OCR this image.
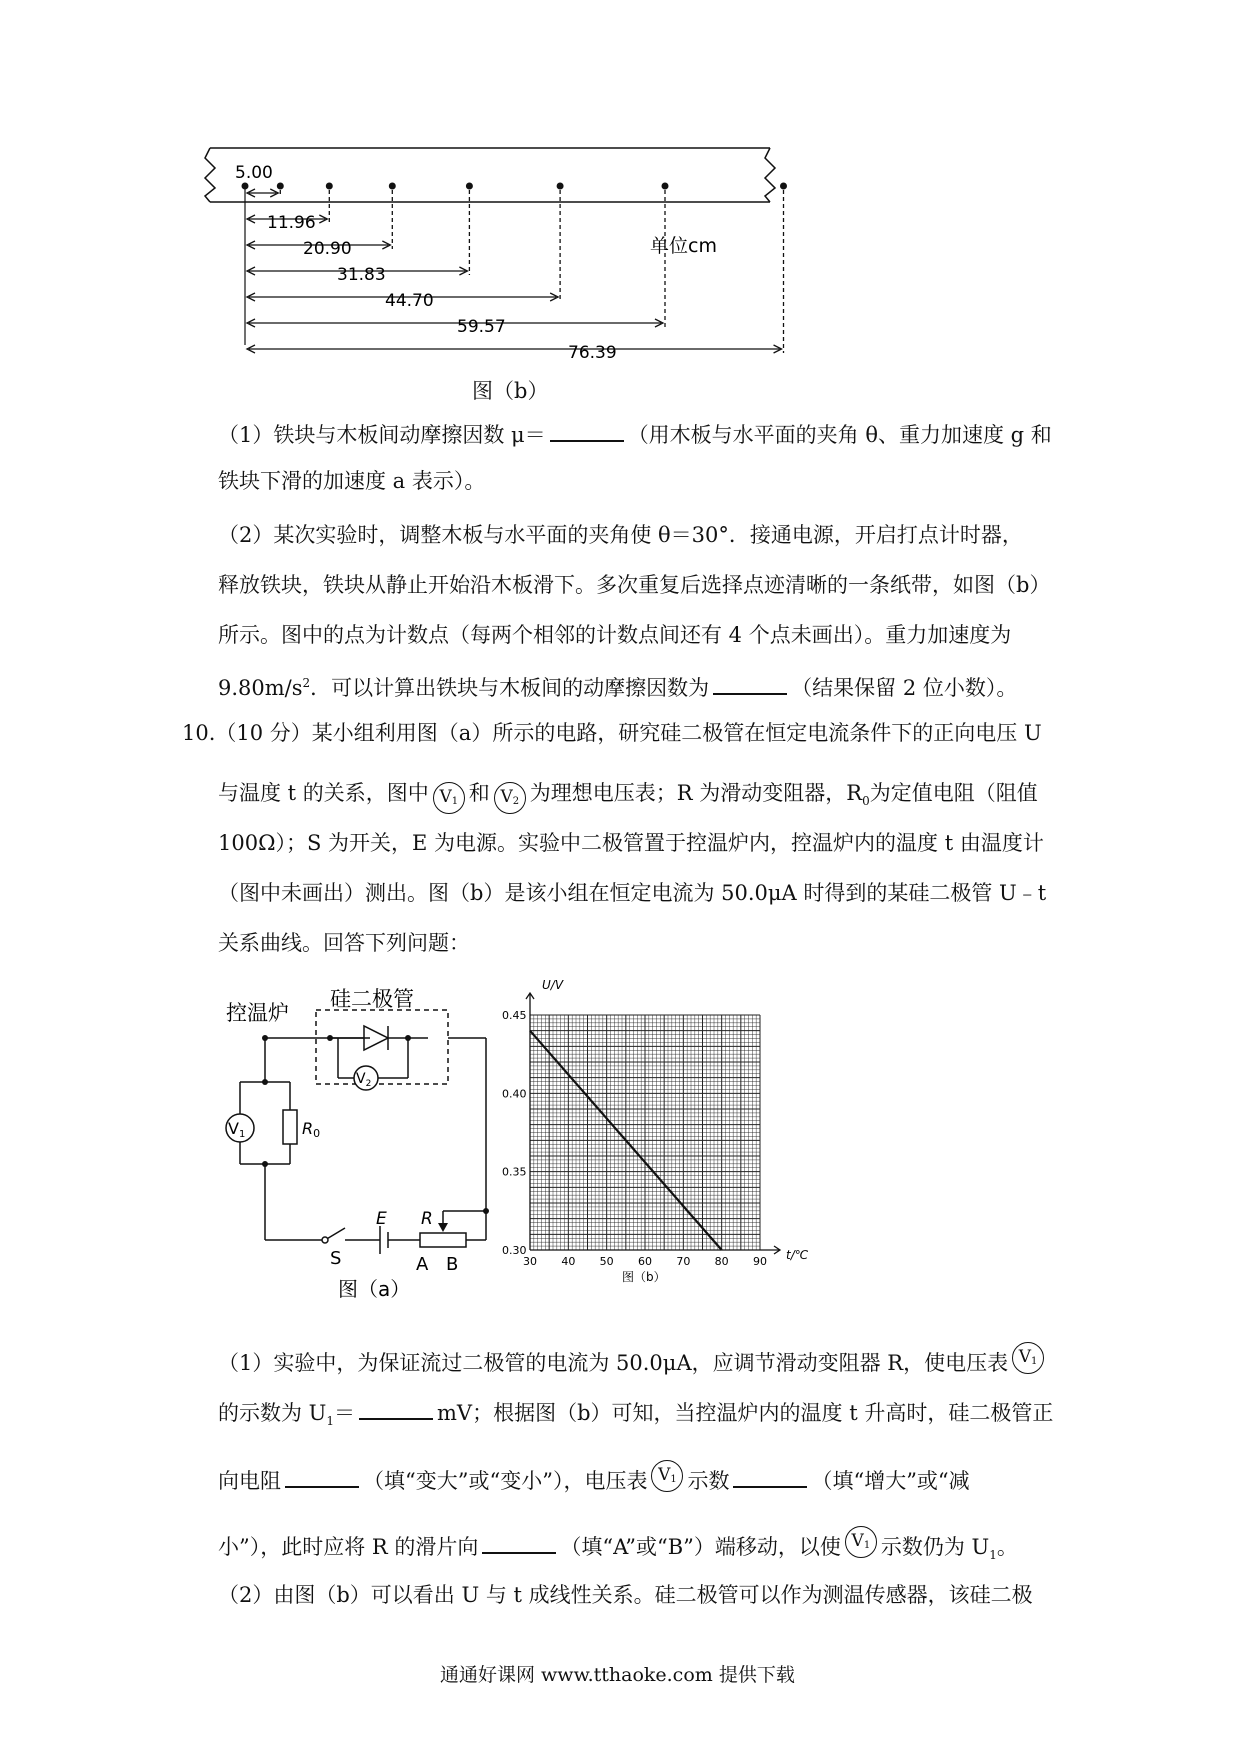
5.00
11.96
20.90
31.83
44.70
59.57
76.39
单位cm
图（b）
（1）铁块与木板间动摩擦因数 μ＝	（用木板与水平面的夹角 θ、重力加速度 g 和
铁块下滑的加速度 a 表示）。
（2）某次实验时，调整木板与水平面的夹角使 θ＝30°．接通电源，开启打点计时器，
释放铁块，铁块从静止开始沿木板滑下。多次重复后选择点迹清晰的一条纸带，如图（b）
所示。图中的点为计数点（每两个相邻的计数点间还有 4 个点未画出）。重力加速度为
$9.80m/s^2$．可以计算出铁块与木板间的动摩擦因数为	（结果保留 2 位小数）。
10.（10 分）某小组利用图（a）所示的电路，研究硅二极管在恒定电流条件下的正向电压 U
与温度 t 的关系，图中 $V_1$ 和 $V_2$ 为理想电压表；R 为滑动变阻器，$R_0$为定值电阻（阻值
100Ω）；S 为开关，E 为电源。实验中二极管置于控温炉内，控温炉内的温度 t 由温度计
（图中未画出）测出。图（b）是该小组在恒定电流为 50.0μA 时得到的某硅二极管 U﹣t
关系曲线。回答下列问题：
V1
$V_2$
R0
控温炉
硅二极管
E R
S	A B
图（a）
30 40 50 60 70 80 90
0.30
0.35
0.40
0.45
U/V
t/℃
图（b）
（1）实验中，为保证流过二极管的电流为 50.0μA，应调节滑动变阻器 R，使电压表 $V_1$
的示数为 $U_1=$	mV；根据图（b）可知，当控温炉内的温度 t 升高时，硅二极管正
向电阻	（填“变大”或“变小”），电压表 $V_1$ 示数	（填“增大”或“减
小”），此时应将 R 的滑片向	（填“A”或“B”）端移动，以使 $V_1$ 示数仍为 $U_1$。
（2）由图（b）可以看出 U 与 t 成线性关系。硅二极管可以作为测温传感器，该硅二极
通通好课网 www.tthaoke.com 提供下载
